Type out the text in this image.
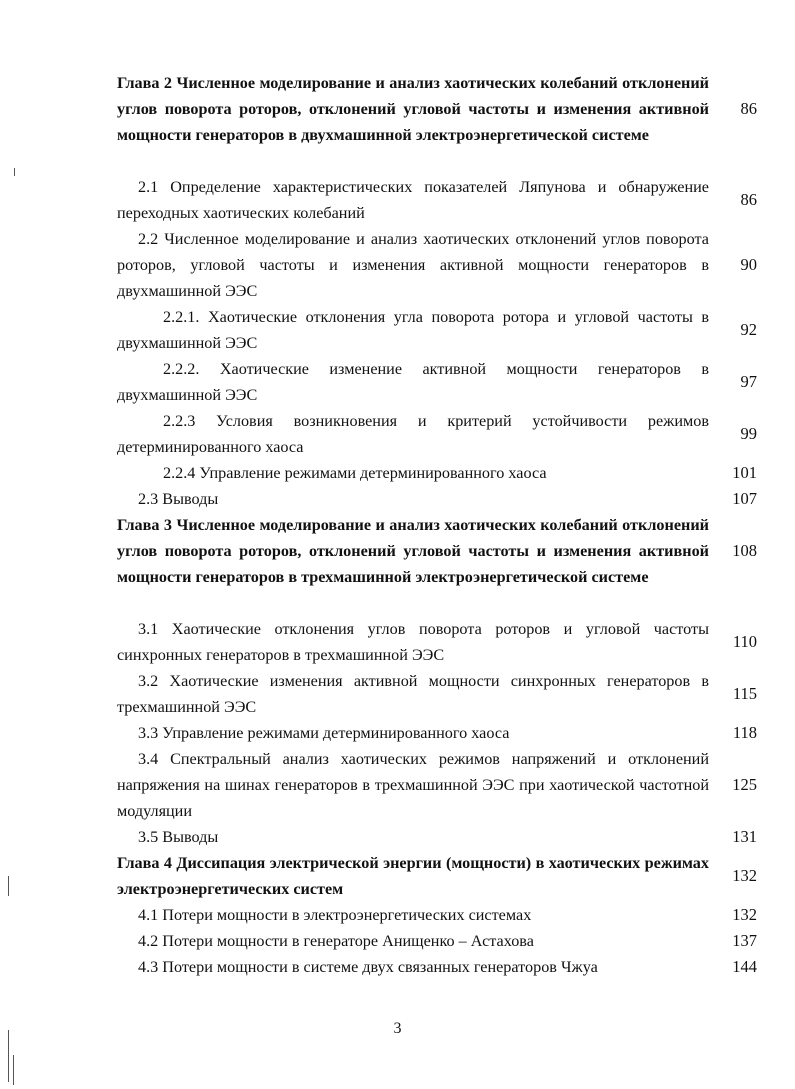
Глава 2 Численное моделирование и анализ хаотических колебаний отклонений углов поворота роторов, отклонений угловой частоты и изменения активной мощности генераторов в двухмашинной электроэнергетической системе
86
2.1 Определение характеристических показателей Ляпунова и обнаружение переходных хаотических колебаний
86
2.2 Численное моделирование и анализ хаотических отклонений углов поворота роторов, угловой частоты и изменения активной мощности генераторов в двухмашинной ЭЭС
90
2.2.1. Хаотические отклонения угла поворота ротора и угловой частоты в двухмашинной ЭЭС
92
2.2.2. Хаотические изменение активной мощности генераторов в двухмашинной ЭЭС
97
2.2.3 Условия возникновения и критерий устойчивости режимов детерминированного хаоса
99
2.2.4 Управление режимами детерминированного хаоса	101
2.3 Выводы	107
Глава 3 Численное моделирование и анализ хаотических колебаний отклонений углов поворота роторов, отклонений угловой частоты и изменения активной мощности генераторов в трехмашинной электроэнергетической системе
108
3.1 Хаотические отклонения углов поворота роторов и угловой частоты синхронных генераторов в трехмашинной ЭЭС
110
3.2 Хаотические изменения активной мощности синхронных генераторов в трехмашинной ЭЭС
115
3.3 Управление режимами детерминированного хаоса	118
3.4 Спектральный анализ хаотических режимов напряжений и отклонений напряжения на шинах генераторов в трехмашинной ЭЭС при хаотической частотной модуляции
125
3.5 Выводы	131
Глава 4 Диссипация электрической энергии (мощности) в хаотических режимах электроэнергетических систем
132
4.1 Потери мощности в электроэнергетических системах	132
4.2 Потери мощности в генераторе Анищенко – Астахова	137
4.3 Потери мощности в системе двух связанных генераторов Чжуа	144
3
